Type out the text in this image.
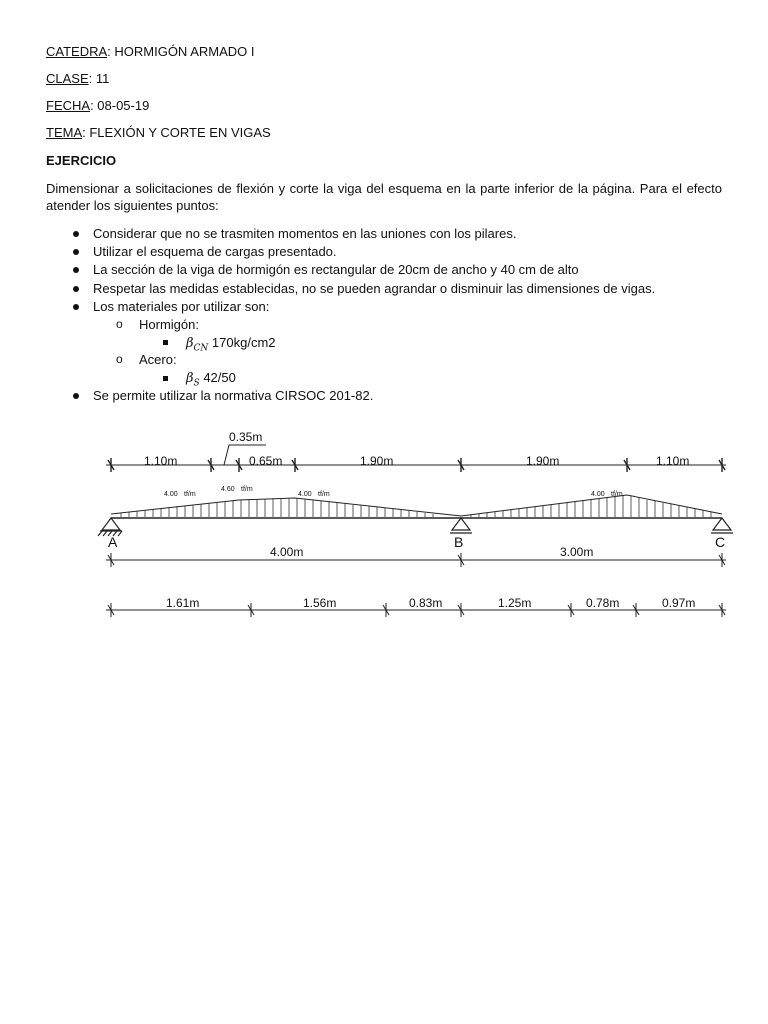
CATEDRA: HORMIGÓN ARMADO I
CLASE: 11
FECHA: 08-05-19
TEMA: FLEXIÓN Y CORTE EN VIGAS
EJERCICIO
Dimensionar a solicitaciones de flexión y corte la viga del esquema en la parte inferior de la página. Para el efecto atender los siguientes puntos:
Considerar que no se trasmiten momentos en las uniones con los pilares.
Utilizar el esquema de cargas presentado.
La sección de la viga de hormigón es rectangular de 20cm de ancho y 40 cm de alto
Respetar las medidas establecidas, no se pueden agrandar o disminuir las dimensiones de vigas.
Los materiales por utilizar son:
o Hormigón:
$\beta_{CN}$ 170kg/cm2
o Acero:
$\beta_S$ 42/50
Se permite utilizar la normativa CIRSOC 201-82.
0.35m
1.10m	0.65m	1.90m	1.90m	1.10m
A	B	C
4.00m	3.00m
1.61m	1.56m	0.83m	1.25m	0.78m	0.97m
4.00 tf/m
4.60 tf/m
4.00 tf/m	4.00 tf/m
